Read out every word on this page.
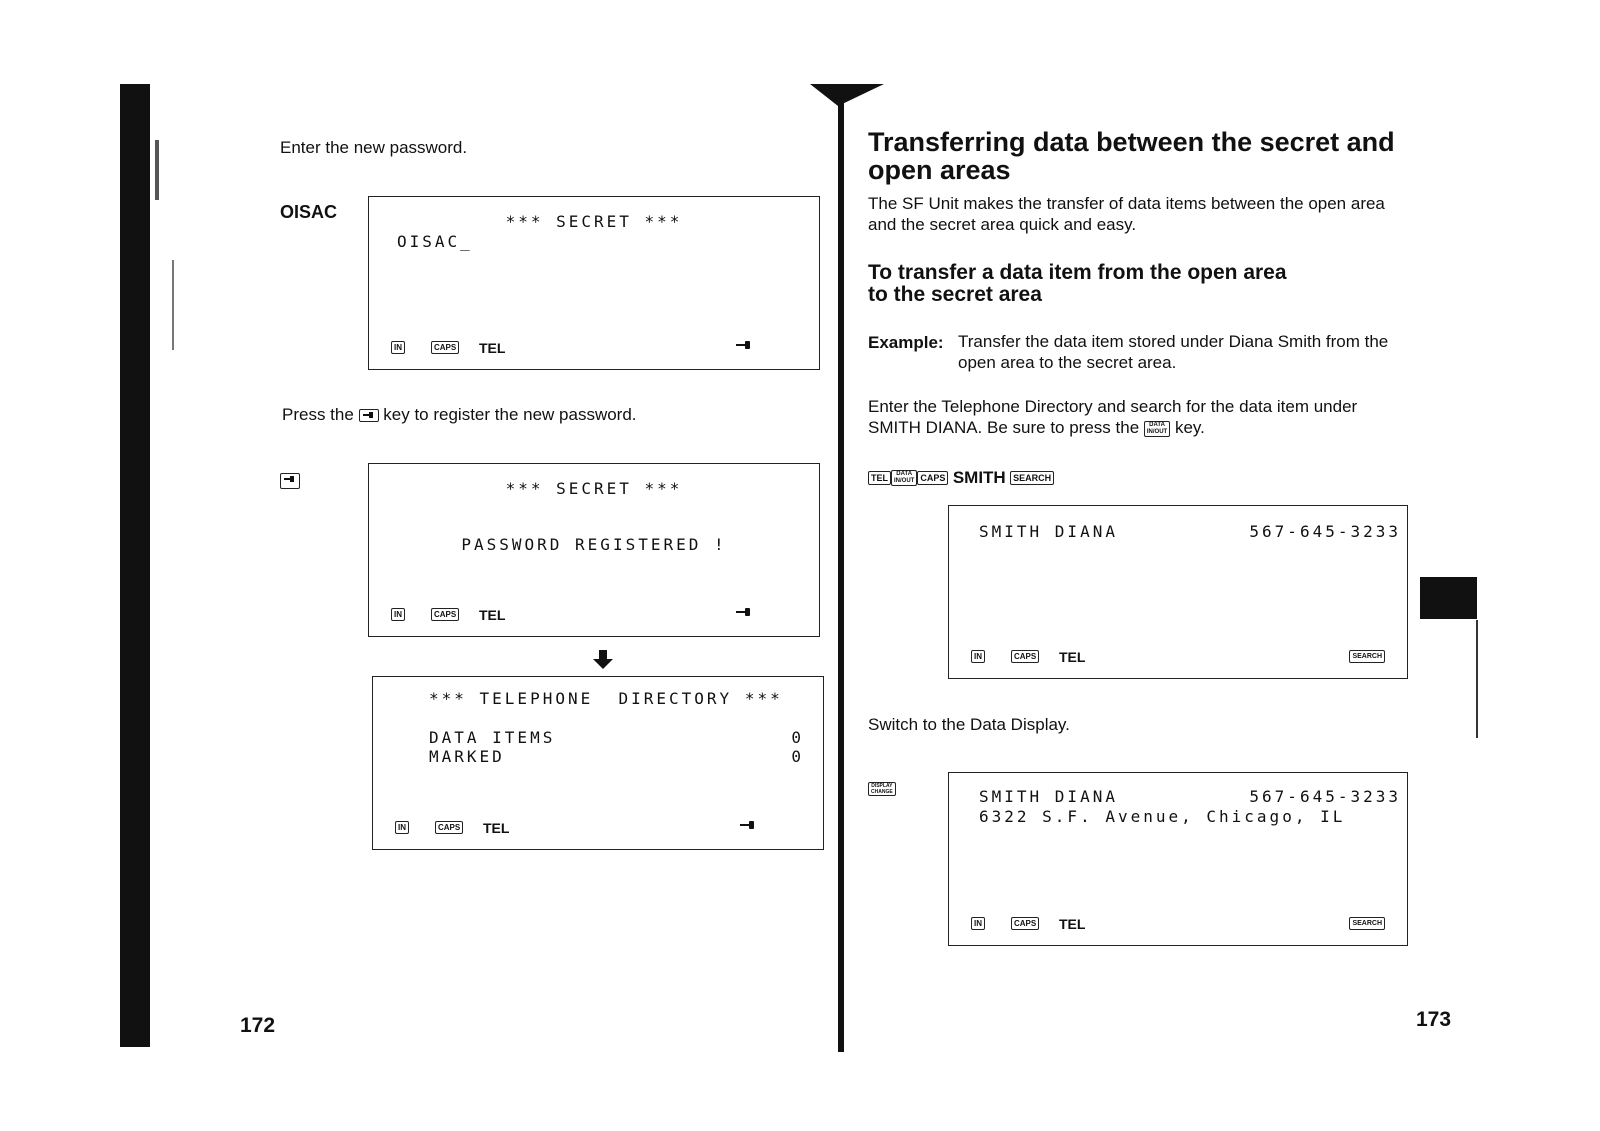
Enter the new password.
OISAC	*** SECRET ***
OISAC_
IN	CAPS TEL
Press the key to register the new password.
*** SECRET ***
PASSWORD REGISTERED !
IN	CAPS TEL
*** TELEPHONE  DIRECTORY ***
DATA ITEMS	0
MARKED	0
IN	CAPS TEL
172
Transferring data between the secret and
open areas
The SF Unit makes the transfer of data items between the open area
and the secret area quick and easy.
To transfer a data item from the open area
to the secret area
Example: Transfer the data item stored under Diana Smith from the
open area to the secret area.
Enter the Telephone Directory and search for the data item under
SMITH DIANA. Be sure to press the DATA
IN/OUT key.
TEL DATA
IN/OUT CAPS SMITH SEARCH
SMITH DIANA	567-645-3233
IN	CAPS TEL	SEARCH
Switch to the Data Display.
DISPLAY
CHANGE	SMITH DIANA	567-645-3233
6322 S.F. Avenue, Chicago, IL
IN	CAPS TEL	SEARCH
173
